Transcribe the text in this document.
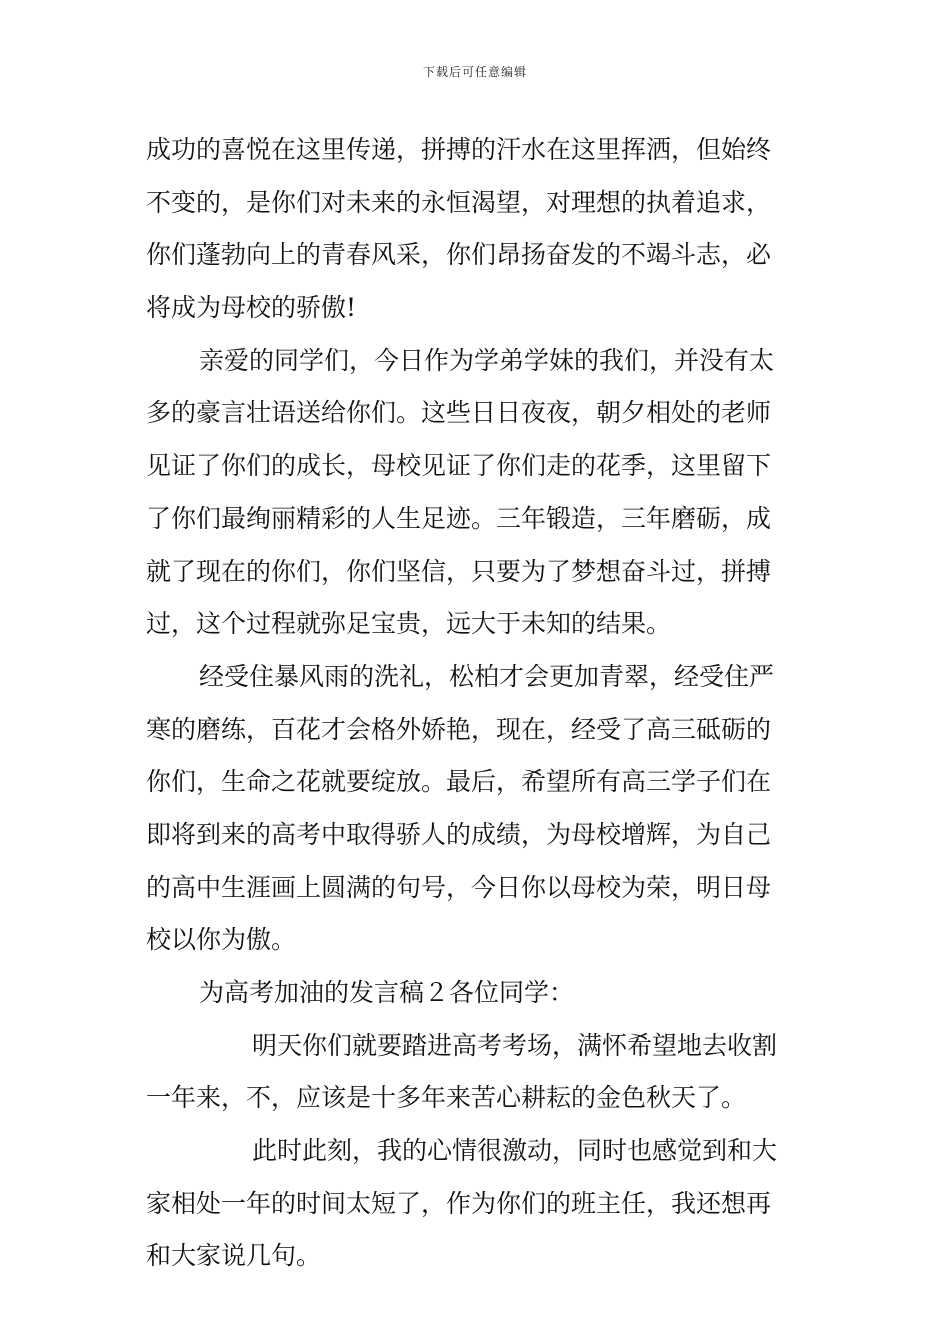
下载后可任意编辑
成功的喜悦在这里传递，拼搏的汗水在这里挥洒，但始终
不变的，是你们对未来的永恒渴望，对理想的执着追求，
你们蓬勃向上的青春风采，你们昂扬奋发的不竭斗志，必
将成为母校的骄傲!
亲爱的同学们，今日作为学弟学妹的我们，并没有太
多的豪言壮语送给你们。这些日日夜夜，朝夕相处的老师
见证了你们的成长，母校见证了你们走的花季，这里留下
了你们最绚丽精彩的人生足迹。三年锻造，三年磨砺，成
就了现在的你们，你们坚信，只要为了梦想奋斗过，拼搏
过，这个过程就弥足宝贵，远大于未知的结果。
经受住暴风雨的洗礼，松柏才会更加青翠，经受住严
寒的磨练，百花才会格外娇艳，现在，经受了高三砥砺的
你们，生命之花就要绽放。最后，希望所有高三学子们在
即将到来的高考中取得骄人的成绩，为母校增辉，为自己
的高中生涯画上圆满的句号，今日你以母校为荣，明日母
校以你为傲。
为高考加油的发言稿２各位同学：
明天你们就要踏进高考考场，满怀希望地去收割
一年来，不，应该是十多年来苦心耕耘的金色秋天了。
此时此刻，我的心情很激动，同时也感觉到和大
家相处一年的时间太短了，作为你们的班主任，我还想再
和大家说几句。
